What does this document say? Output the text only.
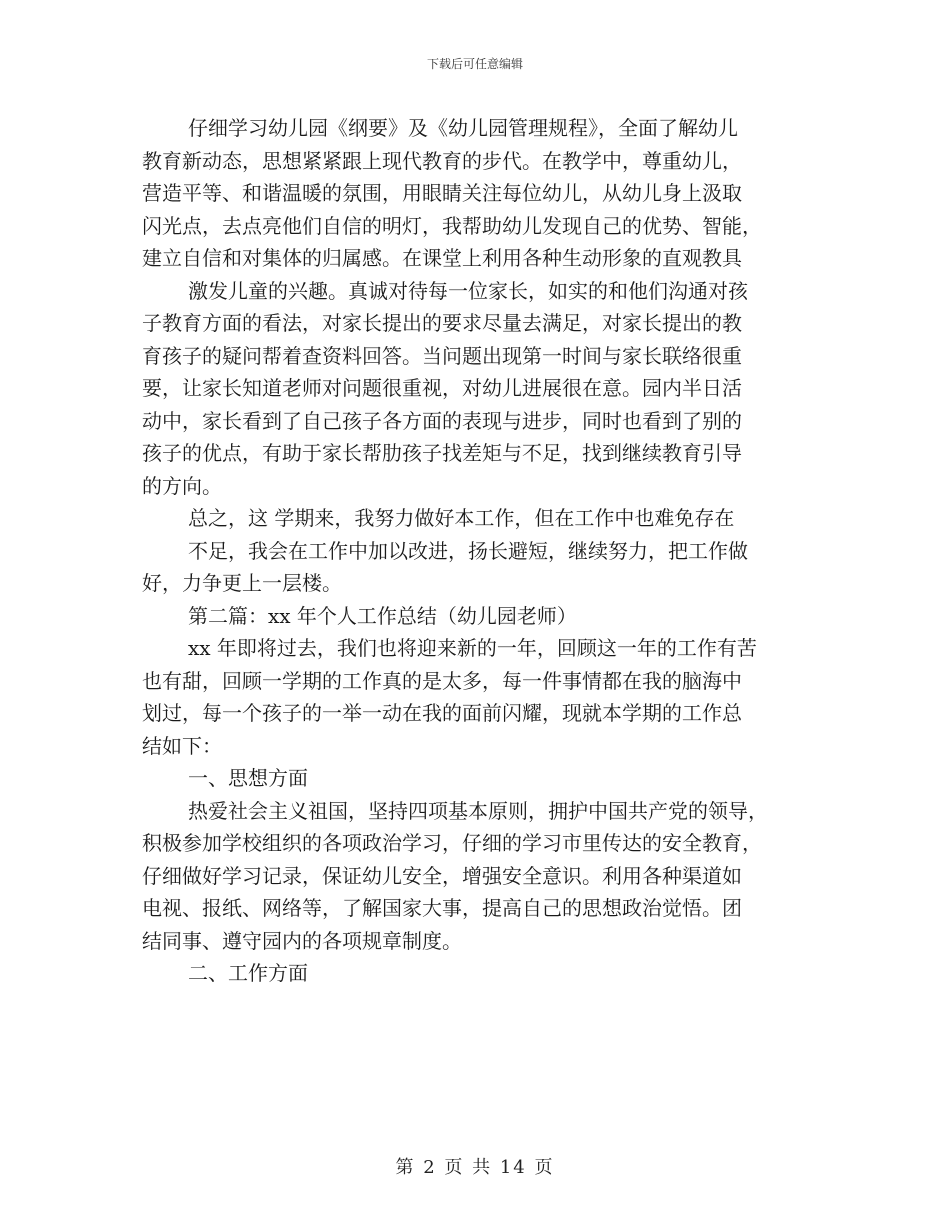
下载后可任意编辑
仔细学习幼儿园《纲要》及《幼儿园管理规程》，全面了解幼儿
教育新动态，思想紧紧跟上现代教育的步代。在教学中，尊重幼儿，
营造平等、和谐温暖的氛围，用眼睛关注每位幼儿，从幼儿身上汲取
闪光点，去点亮他们自信的明灯，我帮助幼儿发现自己的优势、智能，
建立自信和对集体的归属感。在课堂上利用各种生动形象的直观教具
激发儿童的兴趣。真诚对待每一位家长，如实的和他们沟通对孩
子教育方面的看法，对家长提出的要求尽量去满足，对家长提出的教
育孩子的疑问帮着查资料回答。当问题出现第一时间与家长联络很重
要，让家长知道老师对问题很重视，对幼儿进展很在意。园内半日活
动中，家长看到了自己孩子各方面的表现与进步，同时也看到了别的
孩子的优点，有助于家长帮肋孩子找差矩与不足，找到继续教育引导
的方向。
总之，这 学期来，我努力做好本工作，但在工作中也难免存在
不足，我会在工作中加以改进，扬长避短，继续努力，把工作做
好，力争更上一层楼。
第二篇：xx 年个人工作总结（幼儿园老师）
xx 年即将过去，我们也将迎来新的一年，回顾这一年的工作有苦
也有甜，回顾一学期的工作真的是太多，每一件事情都在我的脑海中
划过，每一个孩子的一举一动在我的面前闪耀，现就本学期的工作总
结如下：
一、思想方面
热爱社会主义祖国，坚持四项基本原则，拥护中国共产党的领导，
积极参加学校组织的各项政治学习，仔细的学习市里传达的安全教育，
仔细做好学习记录，保证幼儿安全，增强安全意识。利用各种渠道如
电视、报纸、网络等，了解国家大事，提高自己的思想政治觉悟。团
结同事、遵守园内的各项规章制度。
二、工作方面
第 2 页 共 14 页
